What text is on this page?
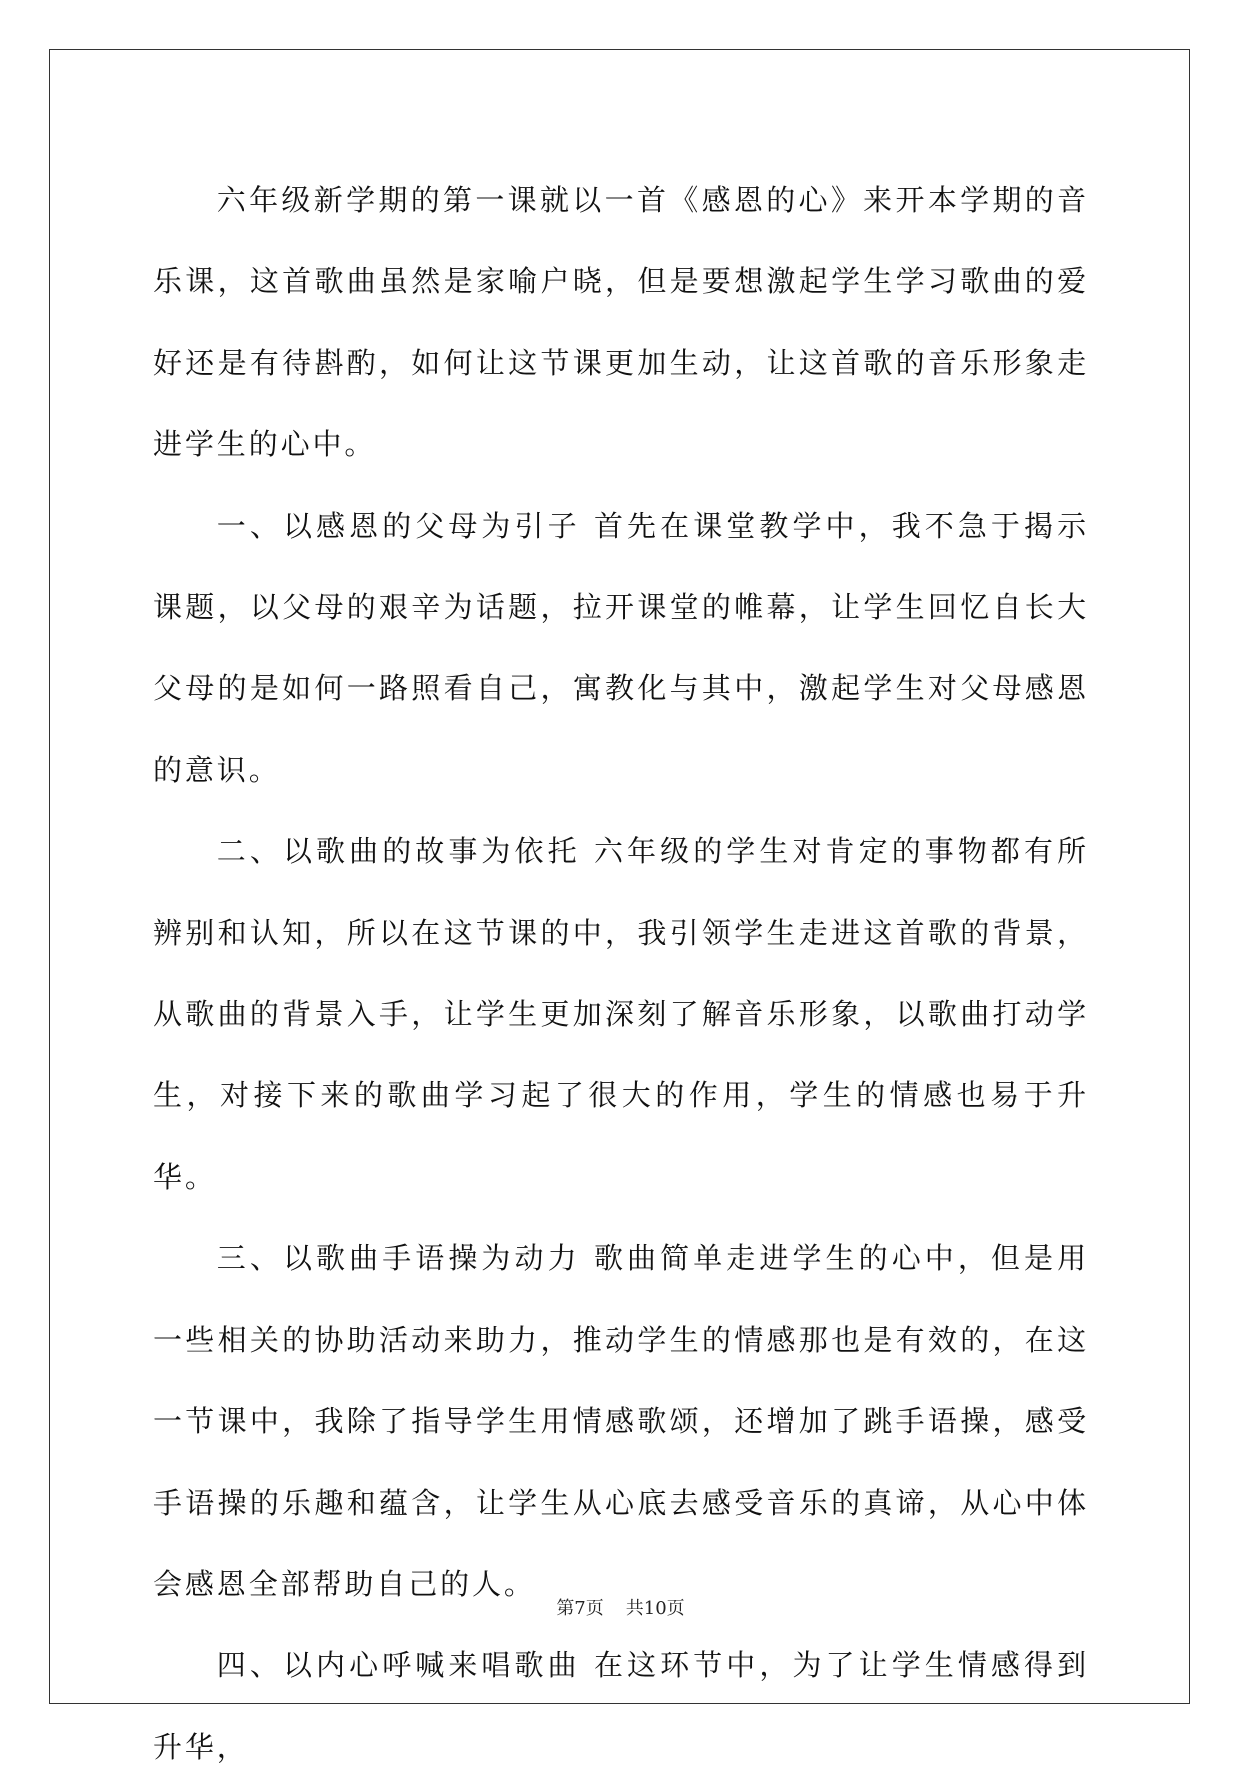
六年级新学期的第一课就以一首《感恩的心》来开本学期的音乐课，这首歌曲虽然是家喻户晓，但是要想激起学生学习歌曲的爱好还是有待斟酌，如何让这节课更加生动，让这首歌的音乐形象走进学生的心中。

一、以感恩的父母为引子 首先在课堂教学中，我不急于揭示课题，以父母的艰辛为话题，拉开课堂的帷幕，让学生回忆自长大父母的是如何一路照看自己，寓教化与其中，激起学生对父母感恩的意识。

二、以歌曲的故事为依托 六年级的学生对肯定的事物都有所辨别和认知，所以在这节课的中，我引领学生走进这首歌的背景，从歌曲的背景入手，让学生更加深刻了解音乐形象，以歌曲打动学生，对接下来的歌曲学习起了很大的作用，学生的情感也易于升华。

三、以歌曲手语操为动力 歌曲简单走进学生的心中，但是用一些相关的协助活动来助力，推动学生的情感那也是有效的，在这一节课中，我除了指导学生用情感歌颂，还增加了跳手语操，感受手语操的乐趣和蕴含，让学生从心底去感受音乐的真谛，从心中体会感恩全部帮助自己的人。

四、以内心呼喊来唱歌曲 在这环节中，为了让学生情感得到升华，

第7页 共10页
